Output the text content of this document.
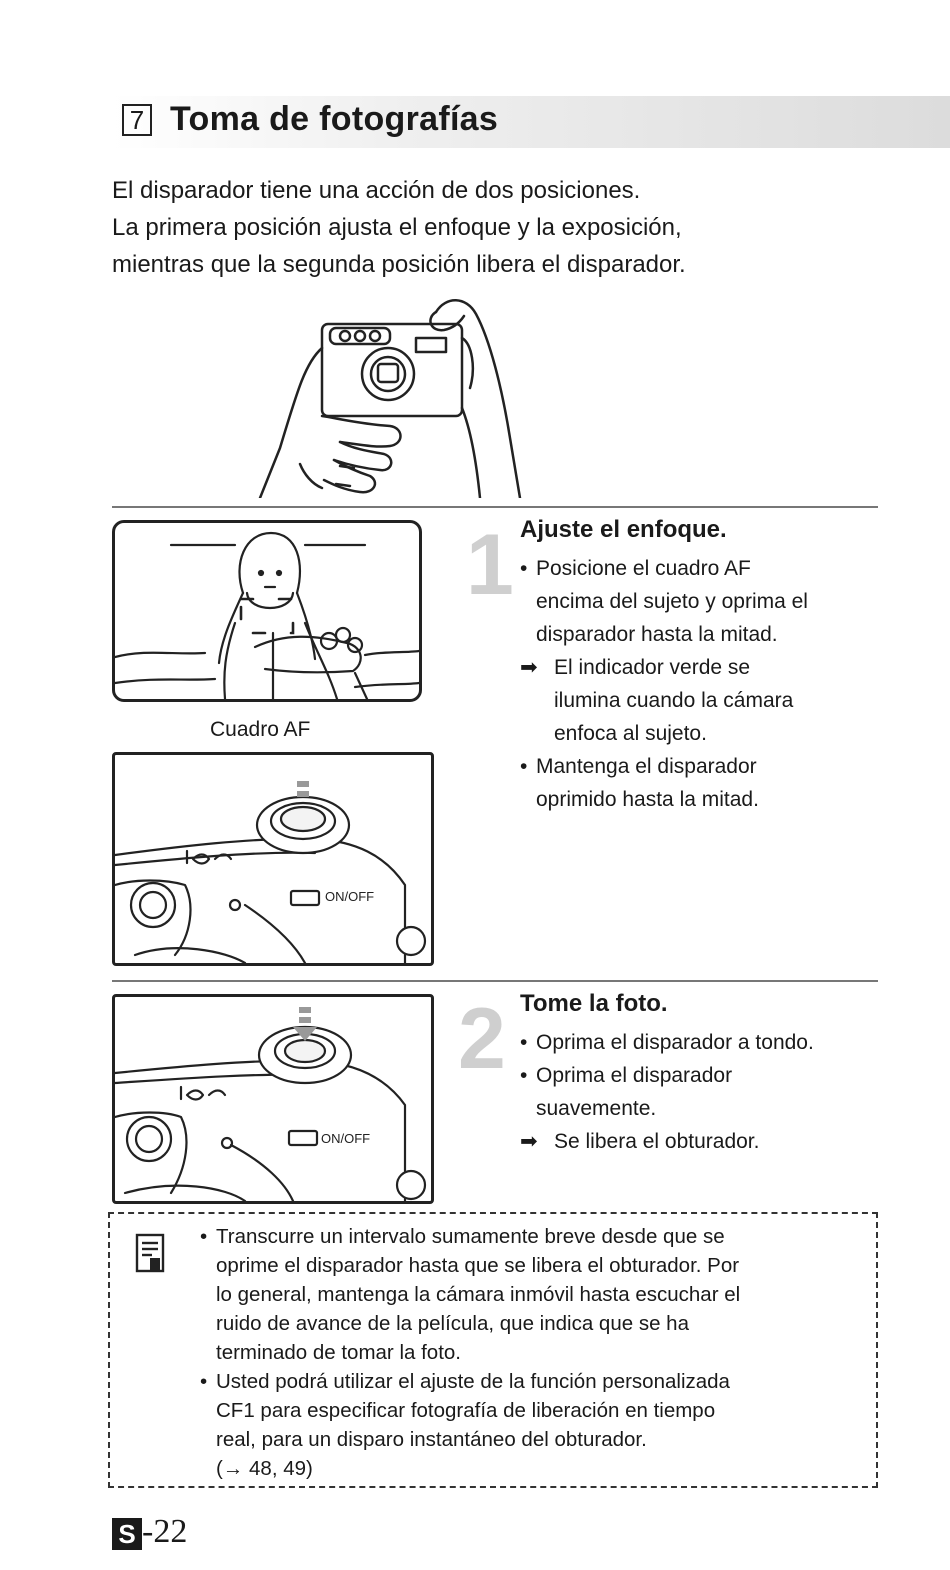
7 Toma de fotografías
El disparador tiene una acción de dos posiciones.
La primera posición ajusta el enfoque y la exposición,
mientras que la segunda posición libera el disparador.
Cuadro AF
ON/OFF
1 Ajuste el enfoque.
• Posicione el cuadro AF
encima del sujeto y oprima el
disparador hasta la mitad.
➡ El indicador verde se
ilumina cuando la cámara
enfoca al sujeto.
• Mantenga el disparador
oprimido hasta la mitad.
ON/OFF
2 Tome la foto.
• Oprima el disparador a tondo.
• Oprima el disparador
suavemente.
➡ Se libera el obturador.
• Transcurre un intervalo sumamente breve desde que se
oprime el disparador hasta que se libera el obturador. Por
lo general, mantenga la cámara inmóvil hasta escuchar el
ruido de avance de la película, que indica que se ha
terminado de tomar la foto.
• Usted podrá utilizar el ajuste de la función personalizada
CF1 para especificar fotografía de liberación en tiempo
real, para un disparo instantáneo del obturador.
(→ 48, 49)
S -22
